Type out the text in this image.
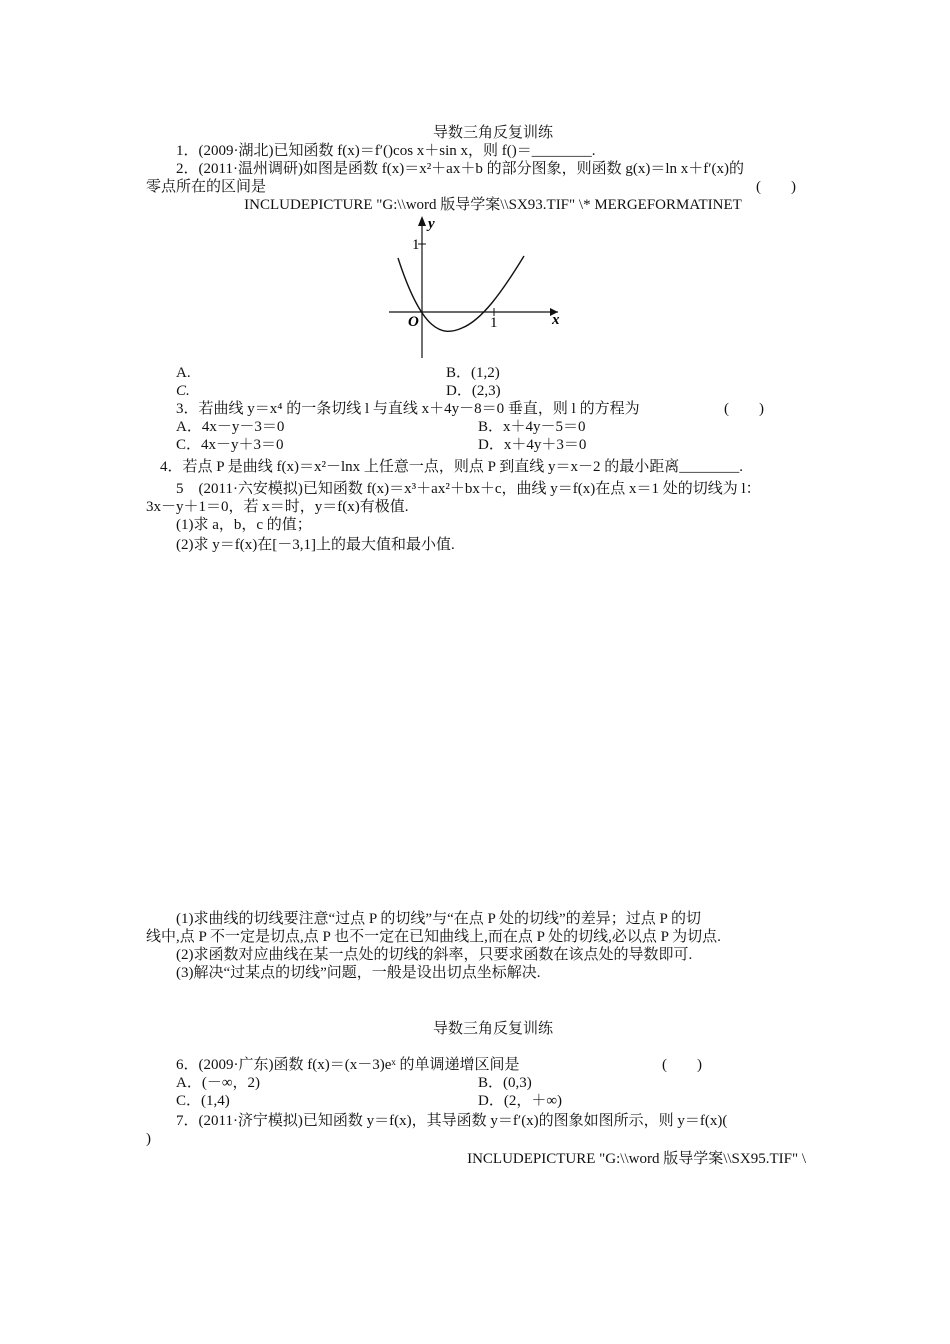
导数三角反复训练
1．(2009·湖北)已知函数 f(x)＝f′()cos x＋sin x，则 f()＝________.
2．(2011·温州调研)如图是函数 f(x)＝x²＋ax＋b 的部分图象，则函数 g(x)＝ln x＋f′(x)的
零点所在的区间是	(　　)
INCLUDEPICTURE "G:\\word 版导学案\\SX93.TIF" \* MERGEFORMATINET
y
x
O	1
1
A.	B．(1,2)
C.	D．(2,3)
3．若曲线 y＝x⁴ 的一条切线 l 与直线 x＋4y－8＝0 垂直，则 l 的方程为	(　　)
A．4x－y－3＝0	B．x＋4y－5＝0
C．4x－y＋3＝0	D．x＋4y＋3＝0
4．若点 P 是曲线 f(x)＝x²－lnx 上任意一点，则点 P 到直线 y＝x－2 的最小距离________.
5　(2011·六安模拟)已知函数 f(x)＝x³＋ax²＋bx＋c，曲线 y＝f(x)在点 x＝1 处的切线为 l：
3x－y＋1＝0，若 x＝时，y＝f(x)有极值.
(1)求 a，b，c 的值；
(2)求 y＝f(x)在[－3,1]上的最大值和最小值.
(1)求曲线的切线要注意“过点 P 的切线”与“在点 P 处的切线”的差异；过点 P 的切
线中,点 P 不一定是切点,点 P 也不一定在已知曲线上,而在点 P 处的切线,必以点 P 为切点.
(2)求函数对应曲线在某一点处的切线的斜率，只要求函数在该点处的导数即可.
(3)解决“过某点的切线”问题，一般是设出切点坐标解决.
导数三角反复训练
6．(2009·广东)函数 f(x)＝(x－3)eˣ 的单调递增区间是	(　　)
A．(－∞，2)	B．(0,3)
C．(1,4)	D．(2，＋∞)
7．(2011·济宁模拟)已知函数 y＝f(x)，其导函数 y＝f′(x)的图象如图所示，则 y＝f(x)(
)
INCLUDEPICTURE "G:\\word 版导学案\\SX95.TIF" \
